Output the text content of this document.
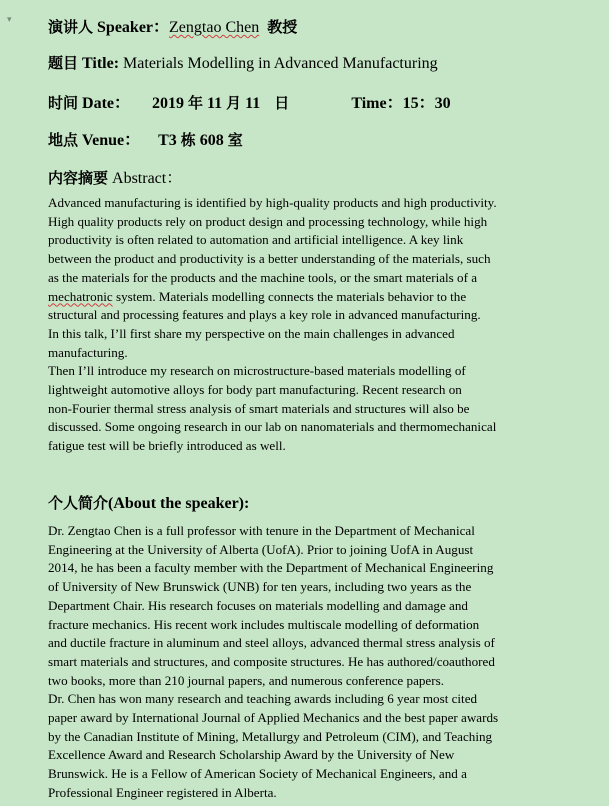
▾ 演讲人 Speaker：Zengtao Chen 教授
题目 Title: Materials Modelling in Advanced Manufacturing
时间 Date： 2019 年 11 月 11 日	Time：15：30
地点 Venue： T3 栋 608 室
内容摘要 Abstract：
Advanced manufacturing is identified by high-quality products and high productivity.
High quality products rely on product design and processing technology, while high
productivity is often related to automation and artificial intelligence. A key link
between the product and productivity is a better understanding of the materials, such
as the materials for the products and the machine tools, or the smart materials of a
mechatronic system. Materials modelling connects the materials behavior to the
structural and processing features and plays a key role in advanced manufacturing.
In this talk, I’ll first share my perspective on the main challenges in advanced
manufacturing.
Then I’ll introduce my research on microstructure-based materials modelling of
lightweight automotive alloys for body part manufacturing. Recent research on
non-Fourier thermal stress analysis of smart materials and structures will also be
discussed. Some ongoing research in our lab on nanomaterials and thermomechanical
fatigue test will be briefly introduced as well.
个人简介(About the speaker):
Dr. Zengtao Chen is a full professor with tenure in the Department of Mechanical
Engineering at the University of Alberta (UofA). Prior to joining UofA in August
2014, he has been a faculty member with the Department of Mechanical Engineering
of University of New Brunswick (UNB) for ten years, including two years as the
Department Chair. His research focuses on materials modelling and damage and
fracture mechanics. His recent work includes multiscale modelling of deformation
and ductile fracture in aluminum and steel alloys, advanced thermal stress analysis of
smart materials and structures, and composite structures. He has authored/coauthored
two books, more than 210 journal papers, and numerous conference papers.
Dr. Chen has won many research and teaching awards including 6 year most cited
paper award by International Journal of Applied Mechanics and the best paper awards
by the Canadian Institute of Mining, Metallurgy and Petroleum (CIM), and Teaching
Excellence Award and Research Scholarship Award by the University of New
Brunswick. He is a Fellow of American Society of Mechanical Engineers, and a
Professional Engineer registered in Alberta.
